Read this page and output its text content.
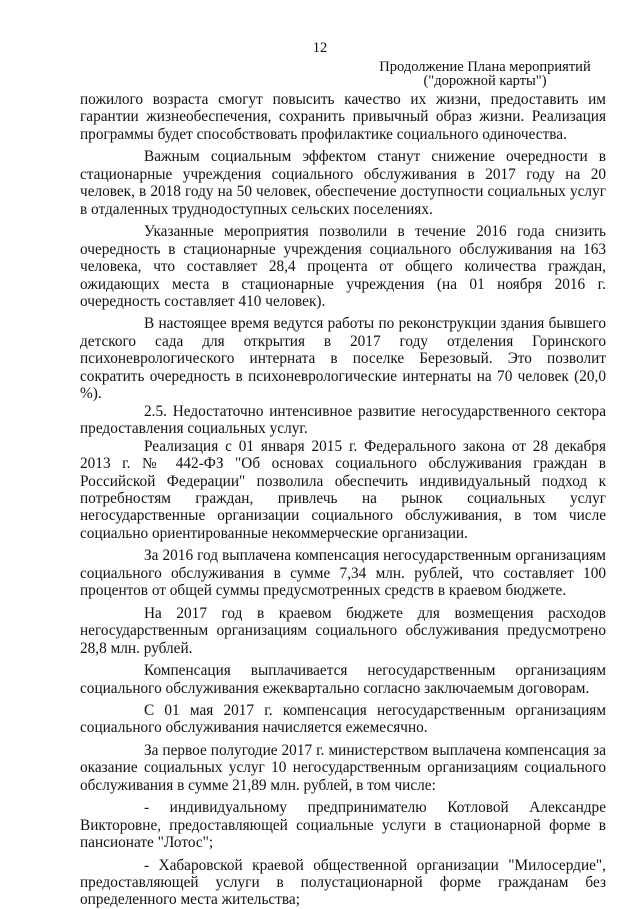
12
Продолжение Плана мероприятий
("дорожной карты")

пожилого возраста смогут повысить качество их жизни, предоставить им гарантии жизнеобеспечения, сохранить привычный образ жизни. Реализация программы будет способствовать профилактике социального одиночества.

Важным социальным эффектом станут снижение очередности в стационарные учреждения социального обслуживания в 2017 году на 20 человек, в 2018 году на 50 человек, обеспечение доступности социальных услуг в отдаленных труднодоступных сельских поселениях.

Указанные мероприятия позволили в течение 2016 года снизить очередность в стационарные учреждения социального обслуживания на 163 человека, что составляет 28,4 процента от общего количества граждан, ожидающих места в стационарные учреждения (на 01 ноября 2016 г. очередность составляет 410 человек).

В настоящее время ведутся работы по реконструкции здания бывшего детского сада для открытия в 2017 году отделения Горинского психоневрологического интерната в поселке Березовый. Это позволит сократить очередность в психоневрологические интернаты на 70 человек (20,0 %).

2.5. Недостаточно интенсивное развитие негосударственного сектора предоставления социальных услуг.

Реализация с 01 января 2015 г. Федерального закона от 28 декабря 2013 г. № 442-ФЗ "Об основах социального обслуживания граждан в Российской Федерации" позволила обеспечить индивидуальный подход к потребностям граждан, привлечь на рынок социальных услуг негосударственные организации социального обслуживания, в том числе социально ориентированные некоммерческие организации.

За 2016 год выплачена компенсация негосударственным организациям социального обслуживания в сумме 7,34 млн. рублей, что составляет 100 процентов от общей суммы предусмотренных средств в краевом бюджете.

На 2017 год в краевом бюджете для возмещения расходов негосударственным организациям социального обслуживания предусмотрено 28,8 млн. рублей.

Компенсация выплачивается негосударственным организациям социального обслуживания ежеквартально согласно заключаемым договорам.

С 01 мая 2017 г. компенсация негосударственным организациям социального обслуживания начисляется ежемесячно.

За первое полугодие 2017 г. министерством выплачена компенсация за оказание социальных услуг 10 негосударственным организациям социального обслуживания в сумме 21,89 млн. рублей, в том числе:

- индивидуальному предпринимателю Котловой Александре Викторовне, предоставляющей социальные услуги в стационарной форме в пансионате "Лотос";

- Хабаровской краевой общественной организации "Милосердие", предоставляющей услуги в полустационарной форме гражданам без определенного места жительства;
